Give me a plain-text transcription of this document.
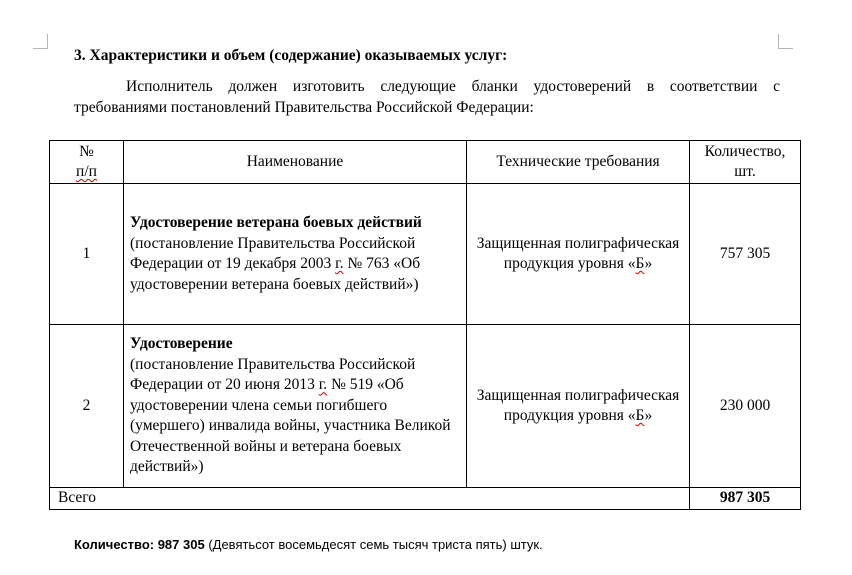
3. Характеристики и объем (содержание) оказываемых услуг:
Исполнитель должен изготовить следующие бланки удостоверений в соответствии с требованиями постановлений Правительства Российской Федерации:
№
п/п	Наименование	Технические требования	Количество, шт.
1	Удостоверение ветерана боевых действий
(постановление Правительства Российской Федерации от 19 декабря 2003 г. № 763 «Об удостоверении ветерана боевых действий»)	Защищенная полиграфическая продукция уровня «Б»	757 305
2	Удостоверение
(постановление Правительства Российской Федерации от 20 июня 2013 г. № 519 «Об удостоверении члена семьи погибшего (умершего) инвалида войны, участника Великой Отечественной войны и ветерана боевых действий»)	Защищенная полиграфическая продукция уровня «Б»	230 000
Всего			987 305
Количество: 987 305 (Девятьсот восемьдесят семь тысяч триста пять) штук.
